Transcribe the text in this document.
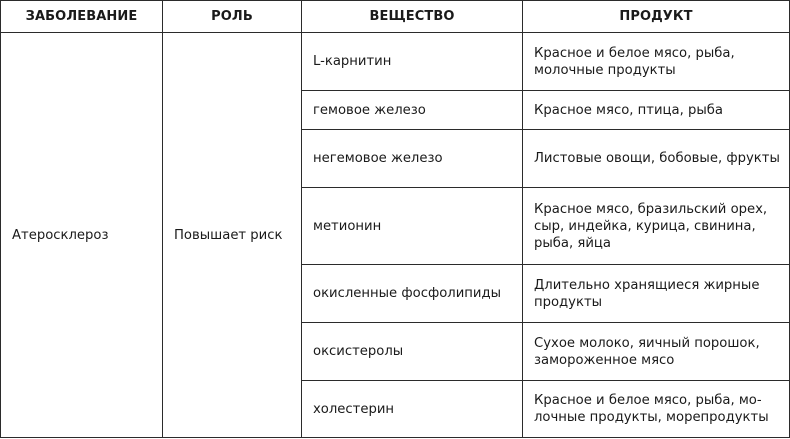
ЗАБОЛЕВАНИЕ	РОЛЬ	ВЕЩЕСТВО	ПРОДУКТ
Атеросклероз	Повышает риск	L-карнитин	Красное и белое мясо, рыба, молочные продукты
		гемовое железо	Красное мясо, птица, рыба
		негемовое железо	Листовые овощи, бобовые, фрукты
		метионин	Красное мясо, бразильский орех, сыр, индейка, курица, свинина, рыба, яйца
		окисленные фосфолипиды	Длительно хранящиеся жирные продукты
		оксистеролы	Сухое молоко, яичный порошок, замороженное мясо
		холестерин	Красное и белое мясо, рыба, мо-лочные продукты, морепродукты
